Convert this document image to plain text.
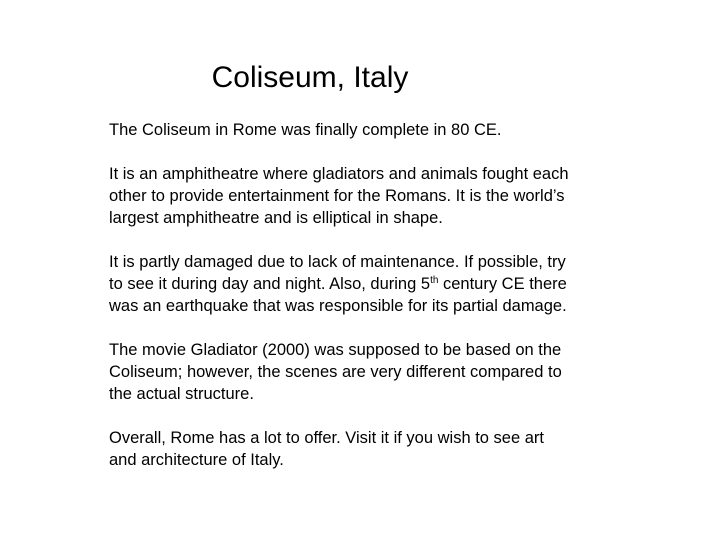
Coliseum, Italy

The Coliseum in Rome was finally complete in 80 CE.

It is an amphitheatre where gladiators and animals fought each other to provide entertainment for the Romans. It is the world’s largest amphitheatre and is elliptical in shape.

It is partly damaged due to lack of maintenance. If possible, try to see it during day and night. Also, during 5th century CE there was an earthquake that was responsible for its partial damage.

The movie Gladiator (2000) was supposed to be based on the Coliseum; however, the scenes are very different compared to the actual structure.

Overall, Rome has a lot to offer. Visit it if you wish to see art and architecture of Italy.
